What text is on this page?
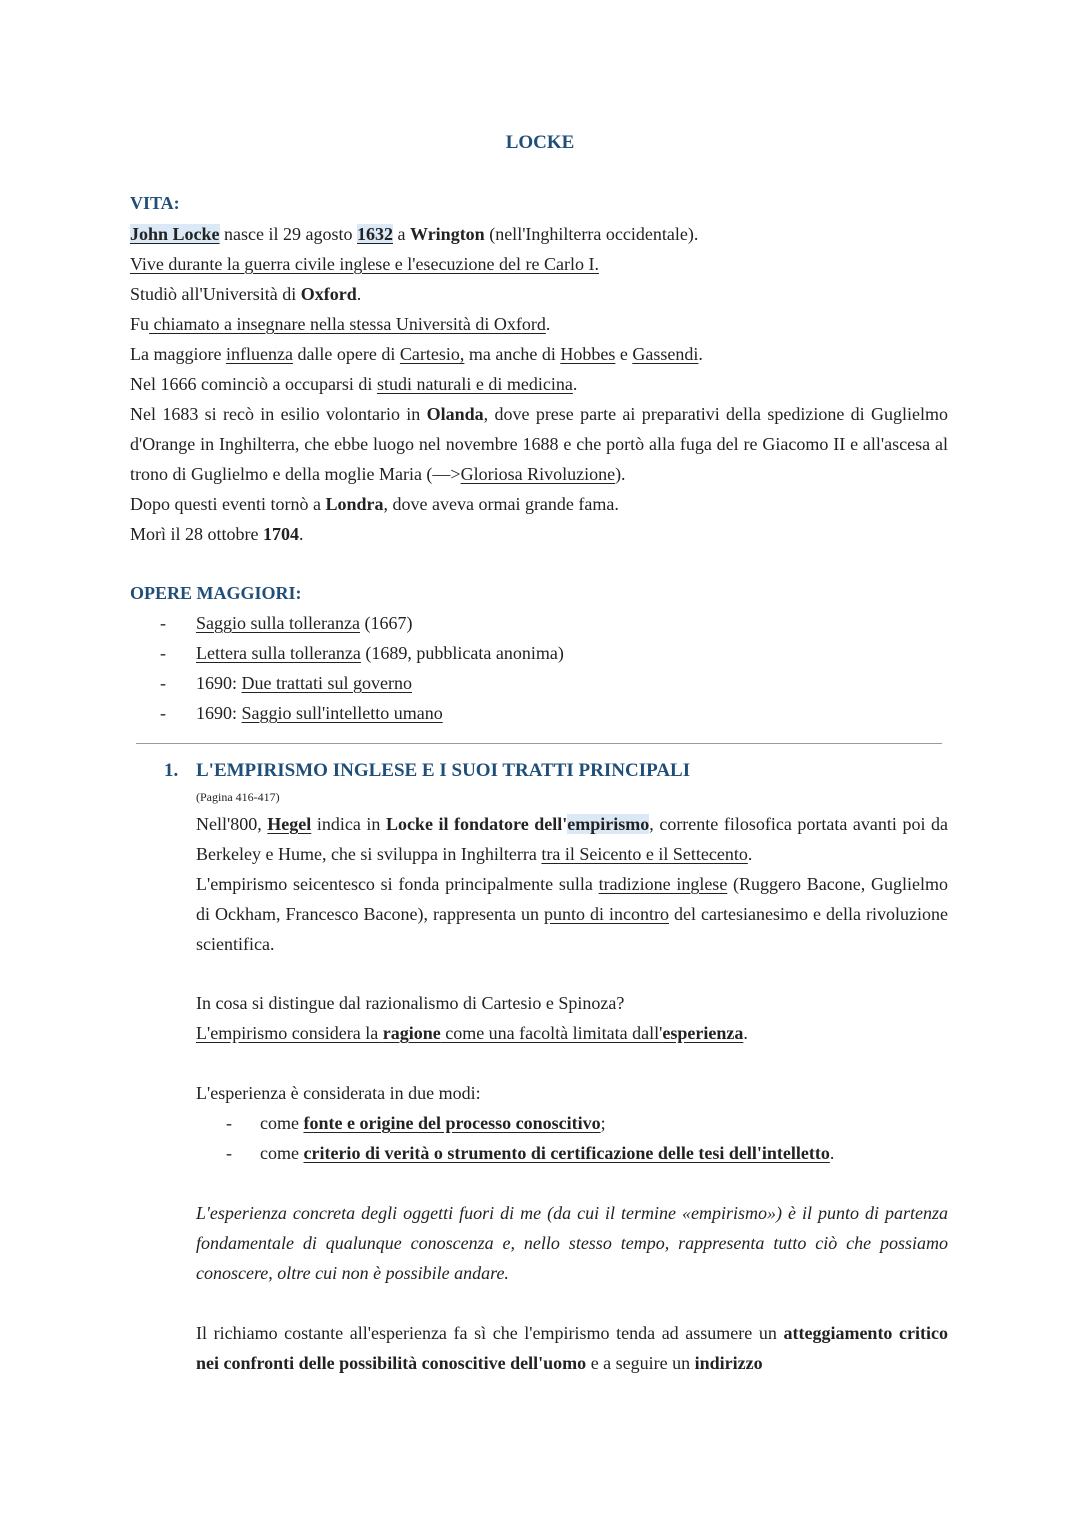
LOCKE
VITA:
John Locke nasce il 29 agosto 1632 a Wrington (nell'Inghilterra occidentale).
Vive durante la guerra civile inglese e l'esecuzione del re Carlo I.
Studiò all'Università di Oxford.
Fu chiamato a insegnare nella stessa Università di Oxford.
La maggiore influenza dalle opere di Cartesio, ma anche di Hobbes e Gassendi.
Nel 1666 cominciò a occuparsi di studi naturali e di medicina.
Nel 1683 si recò in esilio volontario in Olanda, dove prese parte ai preparativi della spedizione di Guglielmo d'Orange in Inghilterra, che ebbe luogo nel novembre 1688 e che portò alla fuga del re Giacomo II e all'ascesa al trono di Guglielmo e della moglie Maria (—>Gloriosa Rivoluzione).
Dopo questi eventi tornò a Londra, dove aveva ormai grande fama.
Morì il 28 ottobre 1704.
OPERE MAGGIORI:
- Saggio sulla tolleranza (1667)
- Lettera sulla tolleranza (1689, pubblicata anonima)
- 1690: Due trattati sul governo
- 1690: Saggio sull'intelletto umano
1. L'EMPIRISMO INGLESE E I SUOI TRATTI PRINCIPALI
(Pagina 416-417)
Nell'800, Hegel indica in Locke il fondatore dell'empirismo, corrente filosofica portata avanti poi da Berkeley e Hume, che si sviluppa in Inghilterra tra il Seicento e il Settecento.
L'empirismo seicentesco si fonda principalmente sulla tradizione inglese (Ruggero Bacone, Guglielmo di Ockham, Francesco Bacone), rappresenta un punto di incontro del cartesianesimo e della rivoluzione scientifica.
In cosa si distingue dal razionalismo di Cartesio e Spinoza?
L'empirismo considera la ragione come una facoltà limitata dall'esperienza.
L'esperienza è considerata in due modi:
- come fonte e origine del processo conoscitivo;
- come criterio di verità o strumento di certificazione delle tesi dell'intelletto.
L'esperienza concreta degli oggetti fuori di me (da cui il termine «empirismo») è il punto di partenza fondamentale di qualunque conoscenza e, nello stesso tempo, rappresenta tutto ciò che possiamo conoscere, oltre cui non è possibile andare.
Il richiamo costante all'esperienza fa sì che l'empirismo tenda ad assumere un atteggiamento critico nei confronti delle possibilità conoscitive dell'uomo e a seguire un indirizzo
